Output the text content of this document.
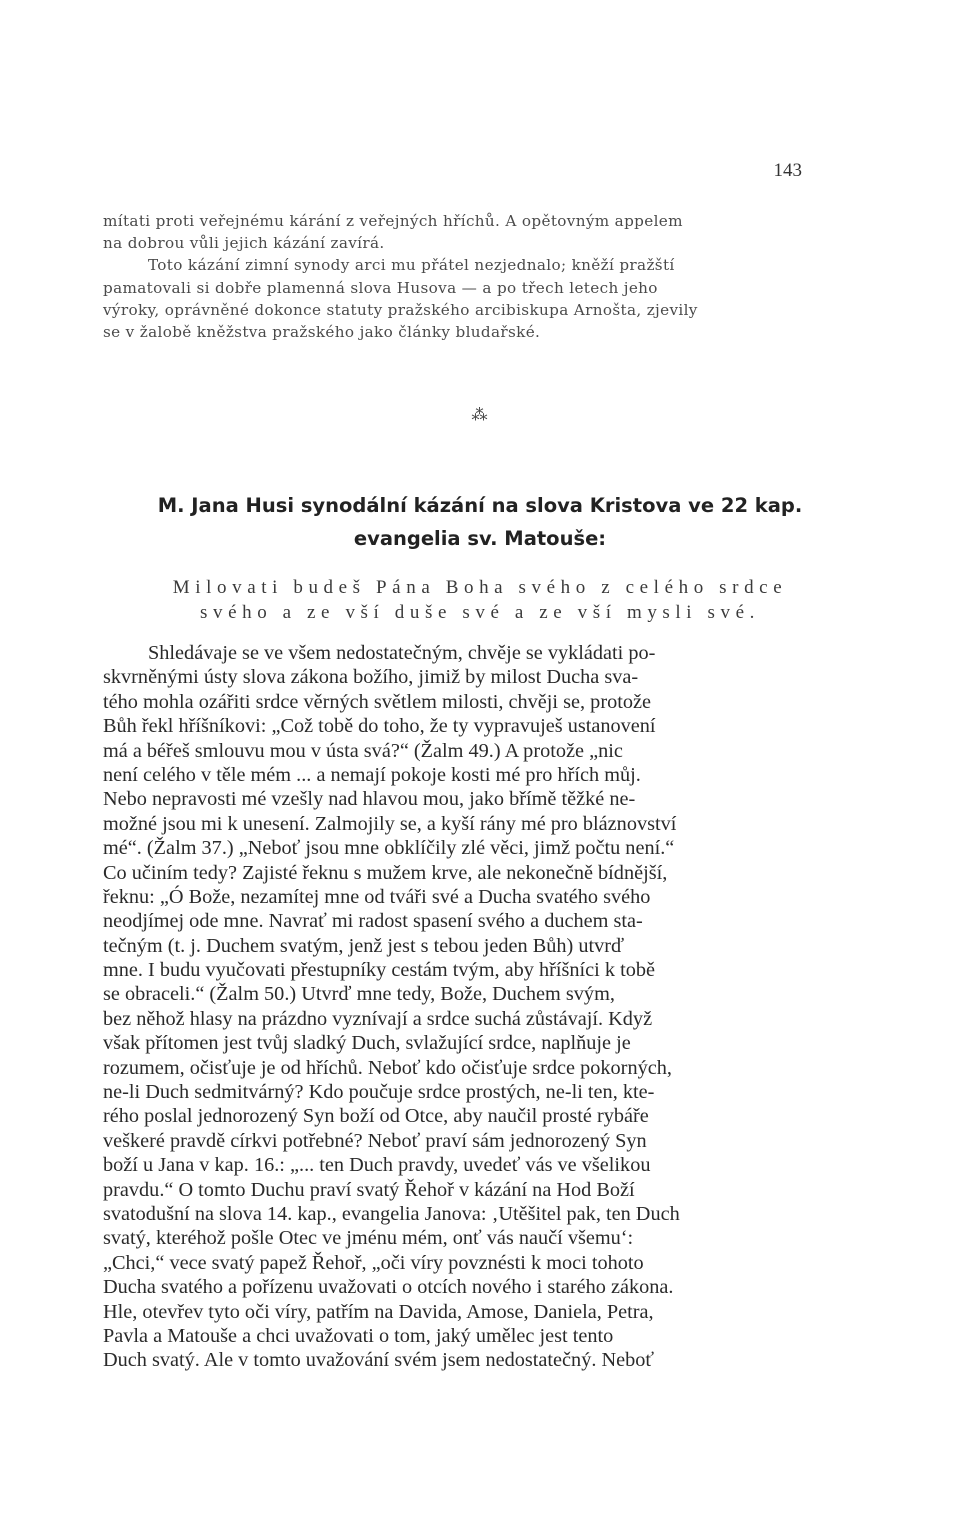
143
mítati proti veřejnému kárání z veřejných hříchů. A opětovným appelem
na dobrou vůli jejich kázání zavírá.
Toto kázání zimní synody arci mu přátel nezjednalo; kněží pražští
pamatovali si dobře plamenná slova Husova — a po třech letech jeho
výroky, oprávněné dokonce statuty pražského arcibiskupa Arnošta, zjevily
se v žalobě kněžstva pražského jako články bludařské.
⁂
M. Jana Husi synodální kázání na slova Kristova ve 22 kap.
evangelia sv. Matouše:
Milovati budeš Pána Boha svého z celého srdce
svého a ze vší duše své a ze vší mysli své.
Shledávaje se ve všem nedostatečným, chvěje se vykládati po-
skvrněnými ústy slova zákona božího, jimiž by milost Ducha sva-
tého mohla ozářiti srdce věrných světlem milosti, chvěji se, protože
Bůh řekl hříšníkovi: „Což tobě do toho, že ty vypravuješ ustanovení
má a béřeš smlouvu mou v ústa svá?“ (Žalm 49.) A protože „nic
není celého v těle mém ... a nemají pokoje kosti mé pro hřích můj.
Nebo nepravosti mé vzešly nad hlavou mou, jako břímě těžké ne-
možné jsou mi k unesení. Zalmojily se, a kyší rány mé pro bláznovství
mé“. (Žalm 37.) „Neboť jsou mne obklíčily zlé věci, jimž počtu není.“
Co učiním tedy? Zajisté řeknu s mužem krve, ale nekonečně bídnější,
řeknu: „Ó Bože, nezamítej mne od tváři své a Ducha svatého svého
neodjímej ode mne. Navrať mi radost spasení svého a duchem sta-
tečným (t. j. Duchem svatým, jenž jest s tebou jeden Bůh) utvrď
mne. I budu vyučovati přestupníky cestám tvým, aby hříšníci k tobě
se obraceli.“ (Žalm 50.) Utvrď mne tedy, Bože, Duchem svým,
bez něhož hlasy na prázdno vyznívají a srdce suchá zůstávají. Když
však přítomen jest tvůj sladký Duch, svlažující srdce, naplňuje je
rozumem, očisťuje je od hříchů. Neboť kdo očisťuje srdce pokorných,
ne-li Duch sedmitvárný? Kdo poučuje srdce prostých, ne-li ten, kte-
rého poslal jednorozený Syn boží od Otce, aby naučil prosté rybáře
veškeré pravdě církvi potřebné? Neboť praví sám jednorozený Syn
boží u Jana v kap. 16.: „... ten Duch pravdy, uvedeť vás ve všelikou
pravdu.“ O tomto Duchu praví svatý Řehoř v kázání na Hod Boží
svatodušní na slova 14. kap., evangelia Janova: ‚Utěšitel pak, ten Duch
svatý, kteréhož pošle Otec ve jménu mém, onť vás naučí všemu‘:
„Chci,“ vece svatý papež Řehoř, „oči víry povznésti k moci tohoto
Ducha svatého a pořízenu uvažovati o otcích nového i starého zákona.
Hle, otevřev tyto oči víry, patřím na Davida, Amose, Daniela, Petra,
Pavla a Matouše a chci uvažovati o tom, jaký umělec jest tento
Duch svatý. Ale v tomto uvažování svém jsem nedostatečný. Neboť
